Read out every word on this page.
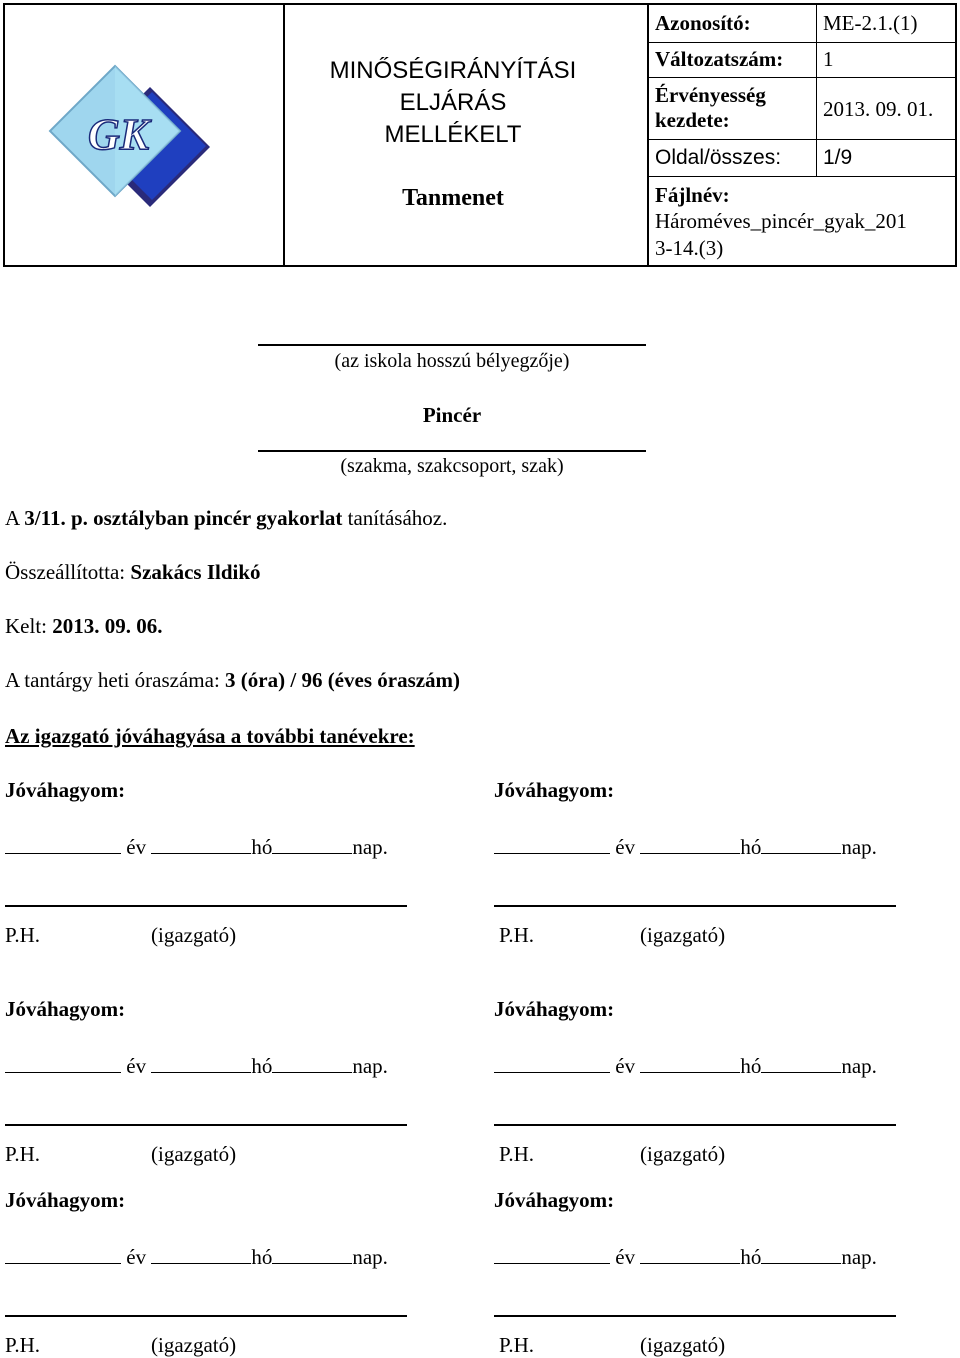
GK
MINŐSÉGIRÁNYÍTÁSI
ELJÁRÁS
MELLÉKELT
Tanmenet
Azonosító:	ME-2.1.(1)
Változatszám: 1
Érvényesség
kezdete:	2013. 09. 01.
Oldal/összes: 1/9
Fájlnév:
Hároméves_pincér_gyak_201
3-14.(3)
(az iskola hosszú bélyegzője)
Pincér
(szakma, szakcsoport, szak)
A 3/11. p. osztályban pincér gyakorlat tanításához.
Összeállította: Szakács Ildikó
Kelt: 2013. 09. 06.
A tantárgy heti óraszáma: 3 (óra) / 96 (éves óraszám)
Az igazgató jóváhagyása a további tanévekre:
Jóváhagyom:
év	hó	nap.
P.H.	(igazgató)
Jóváhagyom:
év	hó	nap.
P.H.	(igazgató)
Jóváhagyom:
év	hó	nap.
P.H.	(igazgató)
Jóváhagyom:
év	hó	nap.
P.H.	(igazgató)
Jóváhagyom:
év	hó	nap.
P.H.	(igazgató)
Jóváhagyom:
év	hó	nap.
P.H.	(igazgató)
